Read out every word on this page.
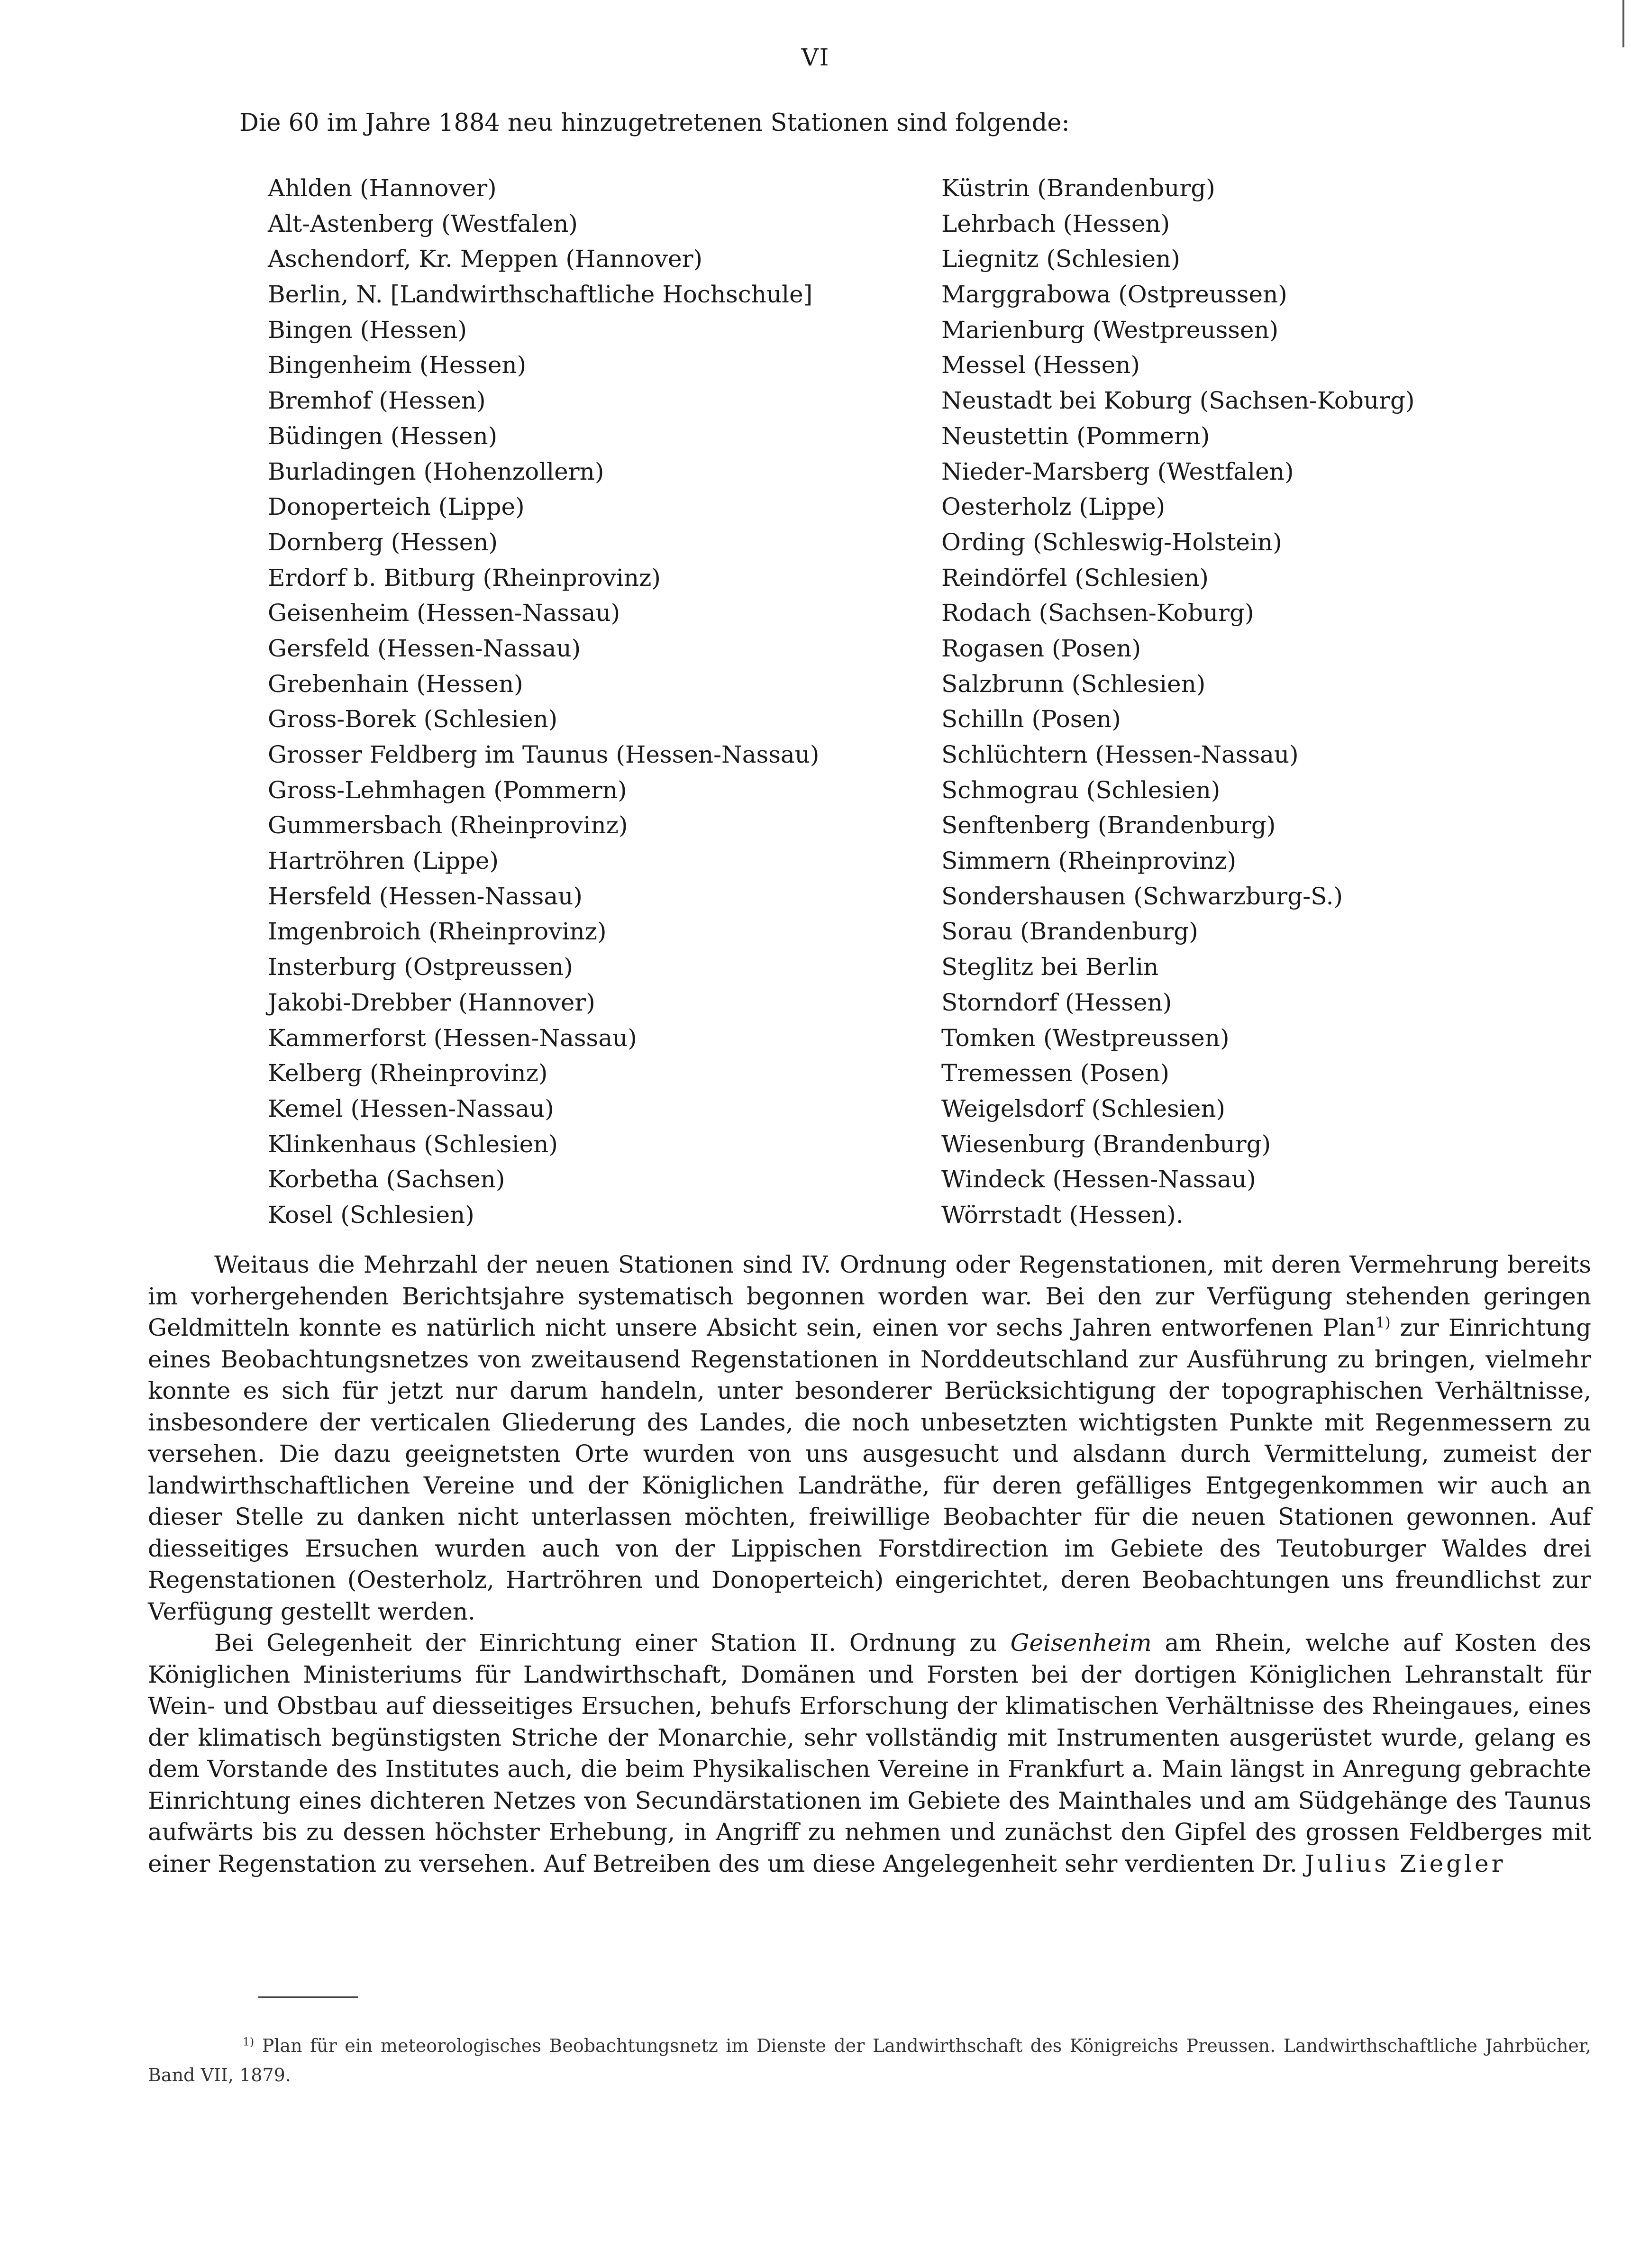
VI
Die 60 im Jahre 1884 neu hinzugetretenen Stationen sind folgende:
Ahlden (Hannover)
Alt-Astenberg (Westfalen)
Aschendorf, Kr. Meppen (Hannover)
Berlin, N. [Landwirthschaftliche Hochschule]
Bingen (Hessen)
Bingenheim (Hessen)
Bremhof (Hessen)
Büdingen (Hessen)
Burladingen (Hohenzollern)
Donoperteich (Lippe)
Dornberg (Hessen)
Erdorf b. Bitburg (Rheinprovinz)
Geisenheim (Hessen-Nassau)
Gersfeld (Hessen-Nassau)
Grebenhain (Hessen)
Gross-Borek (Schlesien)
Grosser Feldberg im Taunus (Hessen-Nassau)
Gross-Lehmhagen (Pommern)
Gummersbach (Rheinprovinz)
Hartröhren (Lippe)
Hersfeld (Hessen-Nassau)
Imgenbroich (Rheinprovinz)
Insterburg (Ostpreussen)
Jakobi-Drebber (Hannover)
Kammerforst (Hessen-Nassau)
Kelberg (Rheinprovinz)
Kemel (Hessen-Nassau)
Klinkenhaus (Schlesien)
Korbetha (Sachsen)
Kosel (Schlesien)
Küstrin (Brandenburg)
Lehrbach (Hessen)
Liegnitz (Schlesien)
Marggrabowa (Ostpreussen)
Marienburg (Westpreussen)
Messel (Hessen)
Neustadt bei Koburg (Sachsen-Koburg)
Neustettin (Pommern)
Nieder-Marsberg (Westfalen)
Oesterholz (Lippe)
Ording (Schleswig-Holstein)
Reindörfel (Schlesien)
Rodach (Sachsen-Koburg)
Rogasen (Posen)
Salzbrunn (Schlesien)
Schilln (Posen)
Schlüchtern (Hessen-Nassau)
Schmograu (Schlesien)
Senftenberg (Brandenburg)
Simmern (Rheinprovinz)
Sondershausen (Schwarzburg-S.)
Sorau (Brandenburg)
Steglitz bei Berlin
Storndorf (Hessen)
Tomken (Westpreussen)
Tremessen (Posen)
Weigelsdorf (Schlesien)
Wiesenburg (Brandenburg)
Windeck (Hessen-Nassau)
Wörrstadt (Hessen).

Weitaus die Mehrzahl der neuen Stationen sind IV. Ordnung oder Regenstationen, mit deren Vermehrung bereits im vorhergehenden Berichtsjahre systematisch begonnen worden war. Bei den zur Verfügung stehenden geringen Geldmitteln konnte es natürlich nicht unsere Absicht sein, einen vor sechs Jahren entworfenen Plan$^{1)}$ zur Einrichtung eines Beobachtungsnetzes von zweitausend Regenstationen in Norddeutschland zur Ausführung zu bringen, vielmehr konnte es sich für jetzt nur darum handeln, unter besonderer Berücksichtigung der topographischen Verhältnisse, insbesondere der verticalen Gliederung des Landes, die noch unbesetzten wichtigsten Punkte mit Regenmessern zu versehen. Die dazu geeignetsten Orte wurden von uns ausgesucht und alsdann durch Vermittelung, zumeist der landwirthschaftlichen Vereine und der Königlichen Landräthe, für deren gefälliges Entgegenkommen wir auch an dieser Stelle zu danken nicht unterlassen möchten, freiwillige Beobachter für die neuen Stationen gewonnen. Auf diesseitiges Ersuchen wurden auch von der Lippischen Forstdirection im Gebiete des Teutoburger Waldes drei Regenstationen (Oesterholz, Hartröhren und Donoperteich) eingerichtet, deren Beobachtungen uns freundlichst zur Verfügung gestellt werden.

Bei Gelegenheit der Einrichtung einer Station II. Ordnung zu Geisenheim am Rhein, welche auf Kosten des Königlichen Ministeriums für Landwirthschaft, Domänen und Forsten bei der dortigen Königlichen Lehranstalt für Wein- und Obstbau auf diesseitiges Ersuchen, behufs Erforschung der klimatischen Verhältnisse des Rheingaues, eines der klimatisch begünstigsten Striche der Monarchie, sehr vollständig mit Instrumenten ausgerüstet wurde, gelang es dem Vorstande des Institutes auch, die beim Physikalischen Vereine in Frankfurt a. Main längst in Anregung gebrachte Einrichtung eines dichteren Netzes von Secundärstationen im Gebiete des Mainthales und am Südgehänge des Taunus aufwärts bis zu dessen höchster Erhebung, in Angriff zu nehmen und zunächst den Gipfel des grossen Feldberges mit einer Regenstation zu versehen. Auf Betreiben des um diese Angelegenheit sehr verdienten Dr. Julius Ziegler

$^{1)}$ Plan für ein meteorologisches Beobachtungsnetz im Dienste der Landwirthschaft des Königreichs Preussen. Landwirthschaftliche Jahrbücher, Band VII, 1879.
